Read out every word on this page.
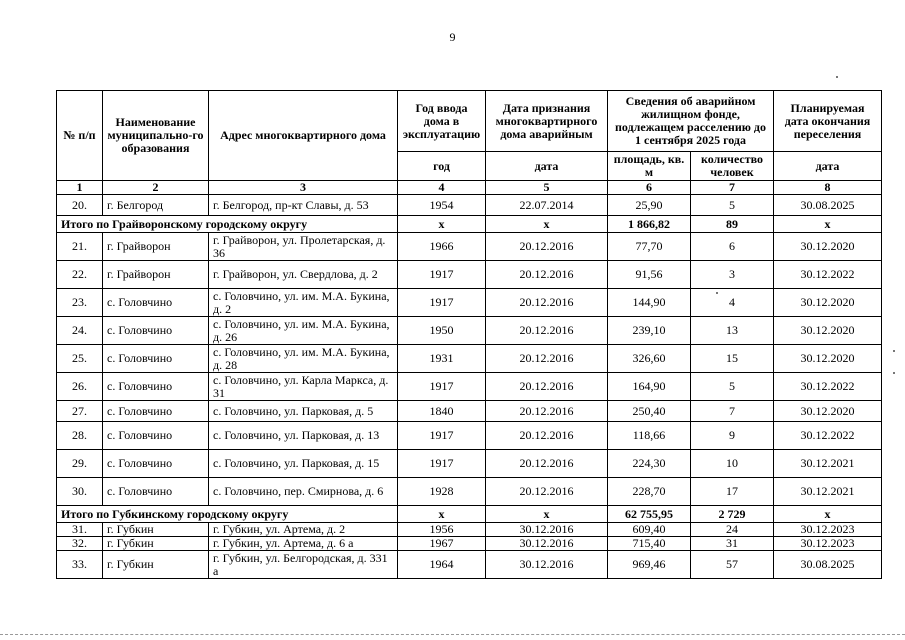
9
№ п/п	Наименование муниципально-го образования	Адрес многоквартирного дома	Год ввода дома в эксплуатацию	Дата признания многоквартирного дома аварийным	Сведения об аварийном жилищном фонде, подлежащем расселению до 1 сентября 2025 года		Планируемая дата окончания переселения
			год	дата	площадь, кв. м	количество человек	дата
1	2	3	4	5	6	7	8
20.	г. Белгород	г. Белгород, пр-кт Славы, д. 53	1954	22.07.2014	25,90	5	30.08.2025
Итого по Грайворонскому городскому округу			х	х	1 866,82	89	х
21.	г. Грайворон	г. Грайворон, ул. Пролетарская, д. 36	1966	20.12.2016	77,70	6	30.12.2020
22.	г. Грайворон	г. Грайворон, ул. Свердлова, д. 2	1917	20.12.2016	91,56	3	30.12.2022
23.	с. Головчино	с. Головчино, ул. им. М.А. Букина, д. 2	1917	20.12.2016	144,90	4	30.12.2020
24.	с. Головчино	с. Головчино, ул. им. М.А. Букина, д. 26	1950	20.12.2016	239,10	13	30.12.2020
25.	с. Головчино	с. Головчино, ул. им. М.А. Букина, д. 28	1931	20.12.2016	326,60	15	30.12.2020
26.	с. Головчино	с. Головчино, ул. Карла Маркса, д. 31	1917	20.12.2016	164,90	5	30.12.2022
27.	с. Головчино	с. Головчино, ул. Парковая, д. 5	1840	20.12.2016	250,40	7	30.12.2020
28.	с. Головчино	с. Головчино, ул. Парковая, д. 13	1917	20.12.2016	118,66	9	30.12.2022
29.	с. Головчино	с. Головчино, ул. Парковая, д. 15	1917	20.12.2016	224,30	10	30.12.2021
30.	с. Головчино	с. Головчино, пер. Смирнова, д. 6	1928	20.12.2016	228,70	17	30.12.2021
Итого по Губкинскому городскому округу			х	х	62 755,95	2 729	х
31.	г. Губкин	г. Губкин, ул. Артема, д. 2	1956	30.12.2016	609,40	24	30.12.2023
32.	г. Губкин	г. Губкин, ул. Артема, д. 6 а	1967	30.12.2016	715,40	31	30.12.2023
33.	г. Губкин	г. Губкин, ул. Белгородская, д. 331 а	1964	30.12.2016	969,46	57	30.08.2025
